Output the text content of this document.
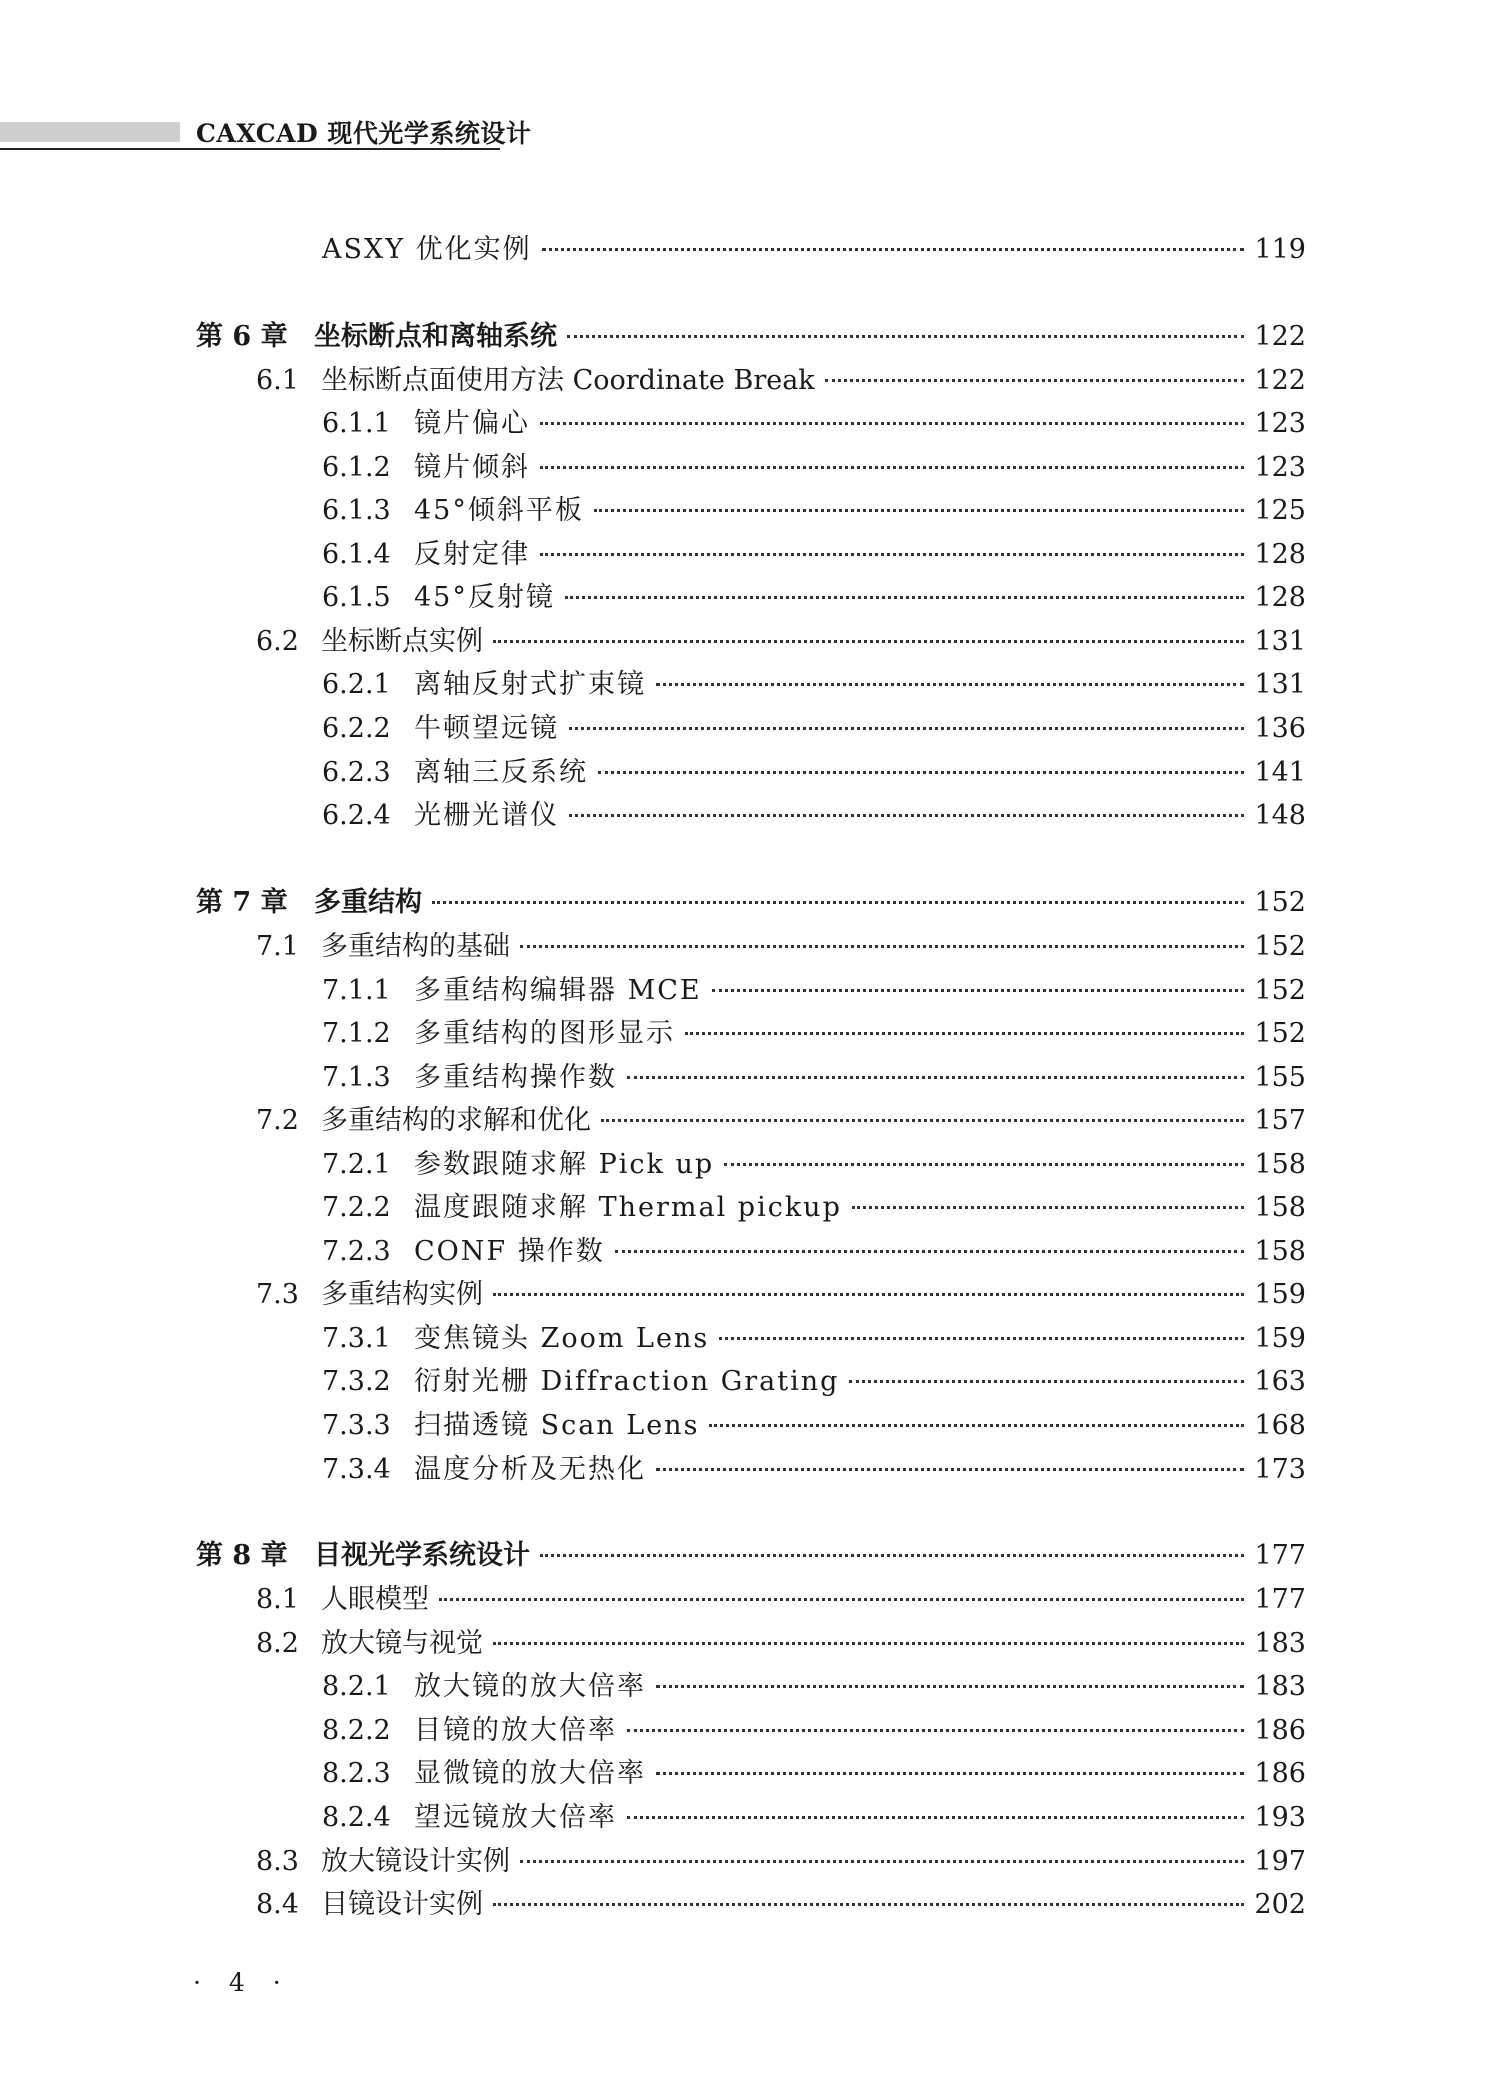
CAXCAD 现代光学系统设计
ASXY 优化实例	119
第 6 章 坐标断点和离轴系统	122
6.1 坐标断点面使用方法 Coordinate Break	122
6.1.1 镜片偏心	123
6.1.2 镜片倾斜	123
6.1.3 45°倾斜平板	125
6.1.4 反射定律	128
6.1.5 45°反射镜	128
6.2 坐标断点实例	131
6.2.1 离轴反射式扩束镜	131
6.2.2 牛顿望远镜	136
6.2.3 离轴三反系统	141
6.2.4 光栅光谱仪	148
第 7 章 多重结构	152
7.1 多重结构的基础	152
7.1.1 多重结构编辑器 MCE	152
7.1.2 多重结构的图形显示	152
7.1.3 多重结构操作数	155
7.2 多重结构的求解和优化	157
7.2.1 参数跟随求解 Pick up	158
7.2.2 温度跟随求解 Thermal pickup	158
7.2.3 CONF 操作数	158
7.3 多重结构实例	159
7.3.1 变焦镜头 Zoom Lens	159
7.3.2 衍射光栅 Diffraction Grating	163
7.3.3 扫描透镜 Scan Lens	168
7.3.4 温度分析及无热化	173
第 8 章 目视光学系统设计	177
8.1 人眼模型	177
8.2 放大镜与视觉	183
8.2.1 放大镜的放大倍率	183
8.2.2 目镜的放大倍率	186
8.2.3 显微镜的放大倍率	186
8.2.4 望远镜放大倍率	193
8.3 放大镜设计实例	197
8.4 目镜设计实例	202
· 4 ·
